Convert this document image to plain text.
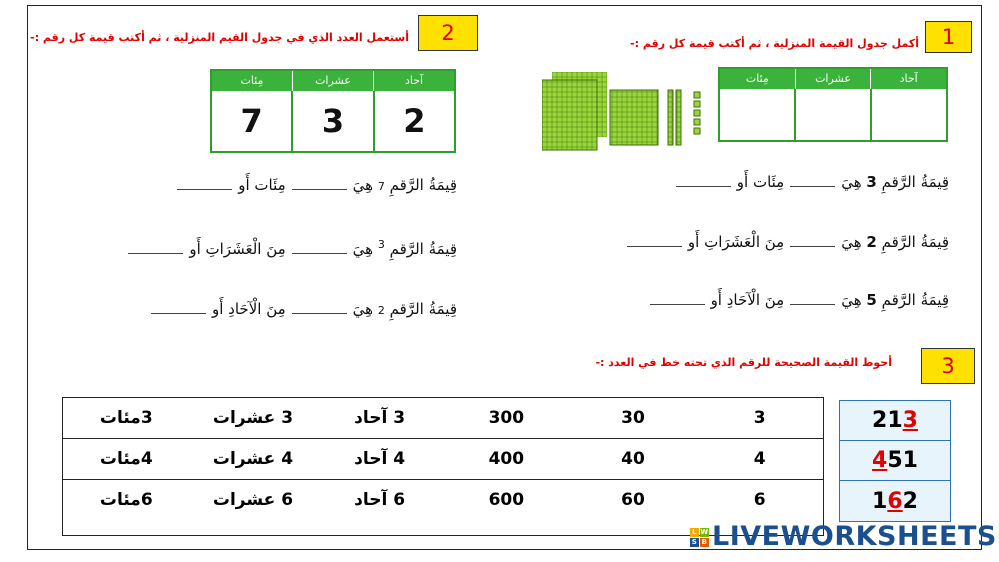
1
أكمل جدول القيمة المنزلية ، ثم أكتب قيمة كل رقم :-
آحاد
عشرات
مِئات
قِيمَةُ الرَّقمِ 3 هِيَمِئَات أَو
قِيمَةُ الرَّقمِ 2 هِيَمِنَ الْعَشَرَاتِ أَو
قِيمَةُ الرَّقمِ 5 هِيَمِنَ الْآحَادِ أَو
2
أستعمل العدد الذي في جدول القيم المنزلية ، ثم أكتب قيمة كل رقم :-
آحاد
عشرات
مِئات
2
3
7
قِيمَةُ الرَّقمِ 7 هِيَمِئَات أَو
قِيمَةُ الرَّقمِ $^3$ هِيَمِنَ الْعَشَرَاتِ أَو
قِيمَةُ الرَّقمِ 2 هِيَمِنَ الْآحَادِ أَو
3
أحوط القيمة الصحيحة للرقم الذي تحته خط في العدد :-
3
30
300
3 آحاد
3 عشرات
3مئات
4
40
400
4 آحاد
4 عشرات
4مئات
6
60
600
6 آحاد
6 عشرات
6مئات
21 3
4 51
1 6 2
L W
S B LIVEWORKSHEETS
